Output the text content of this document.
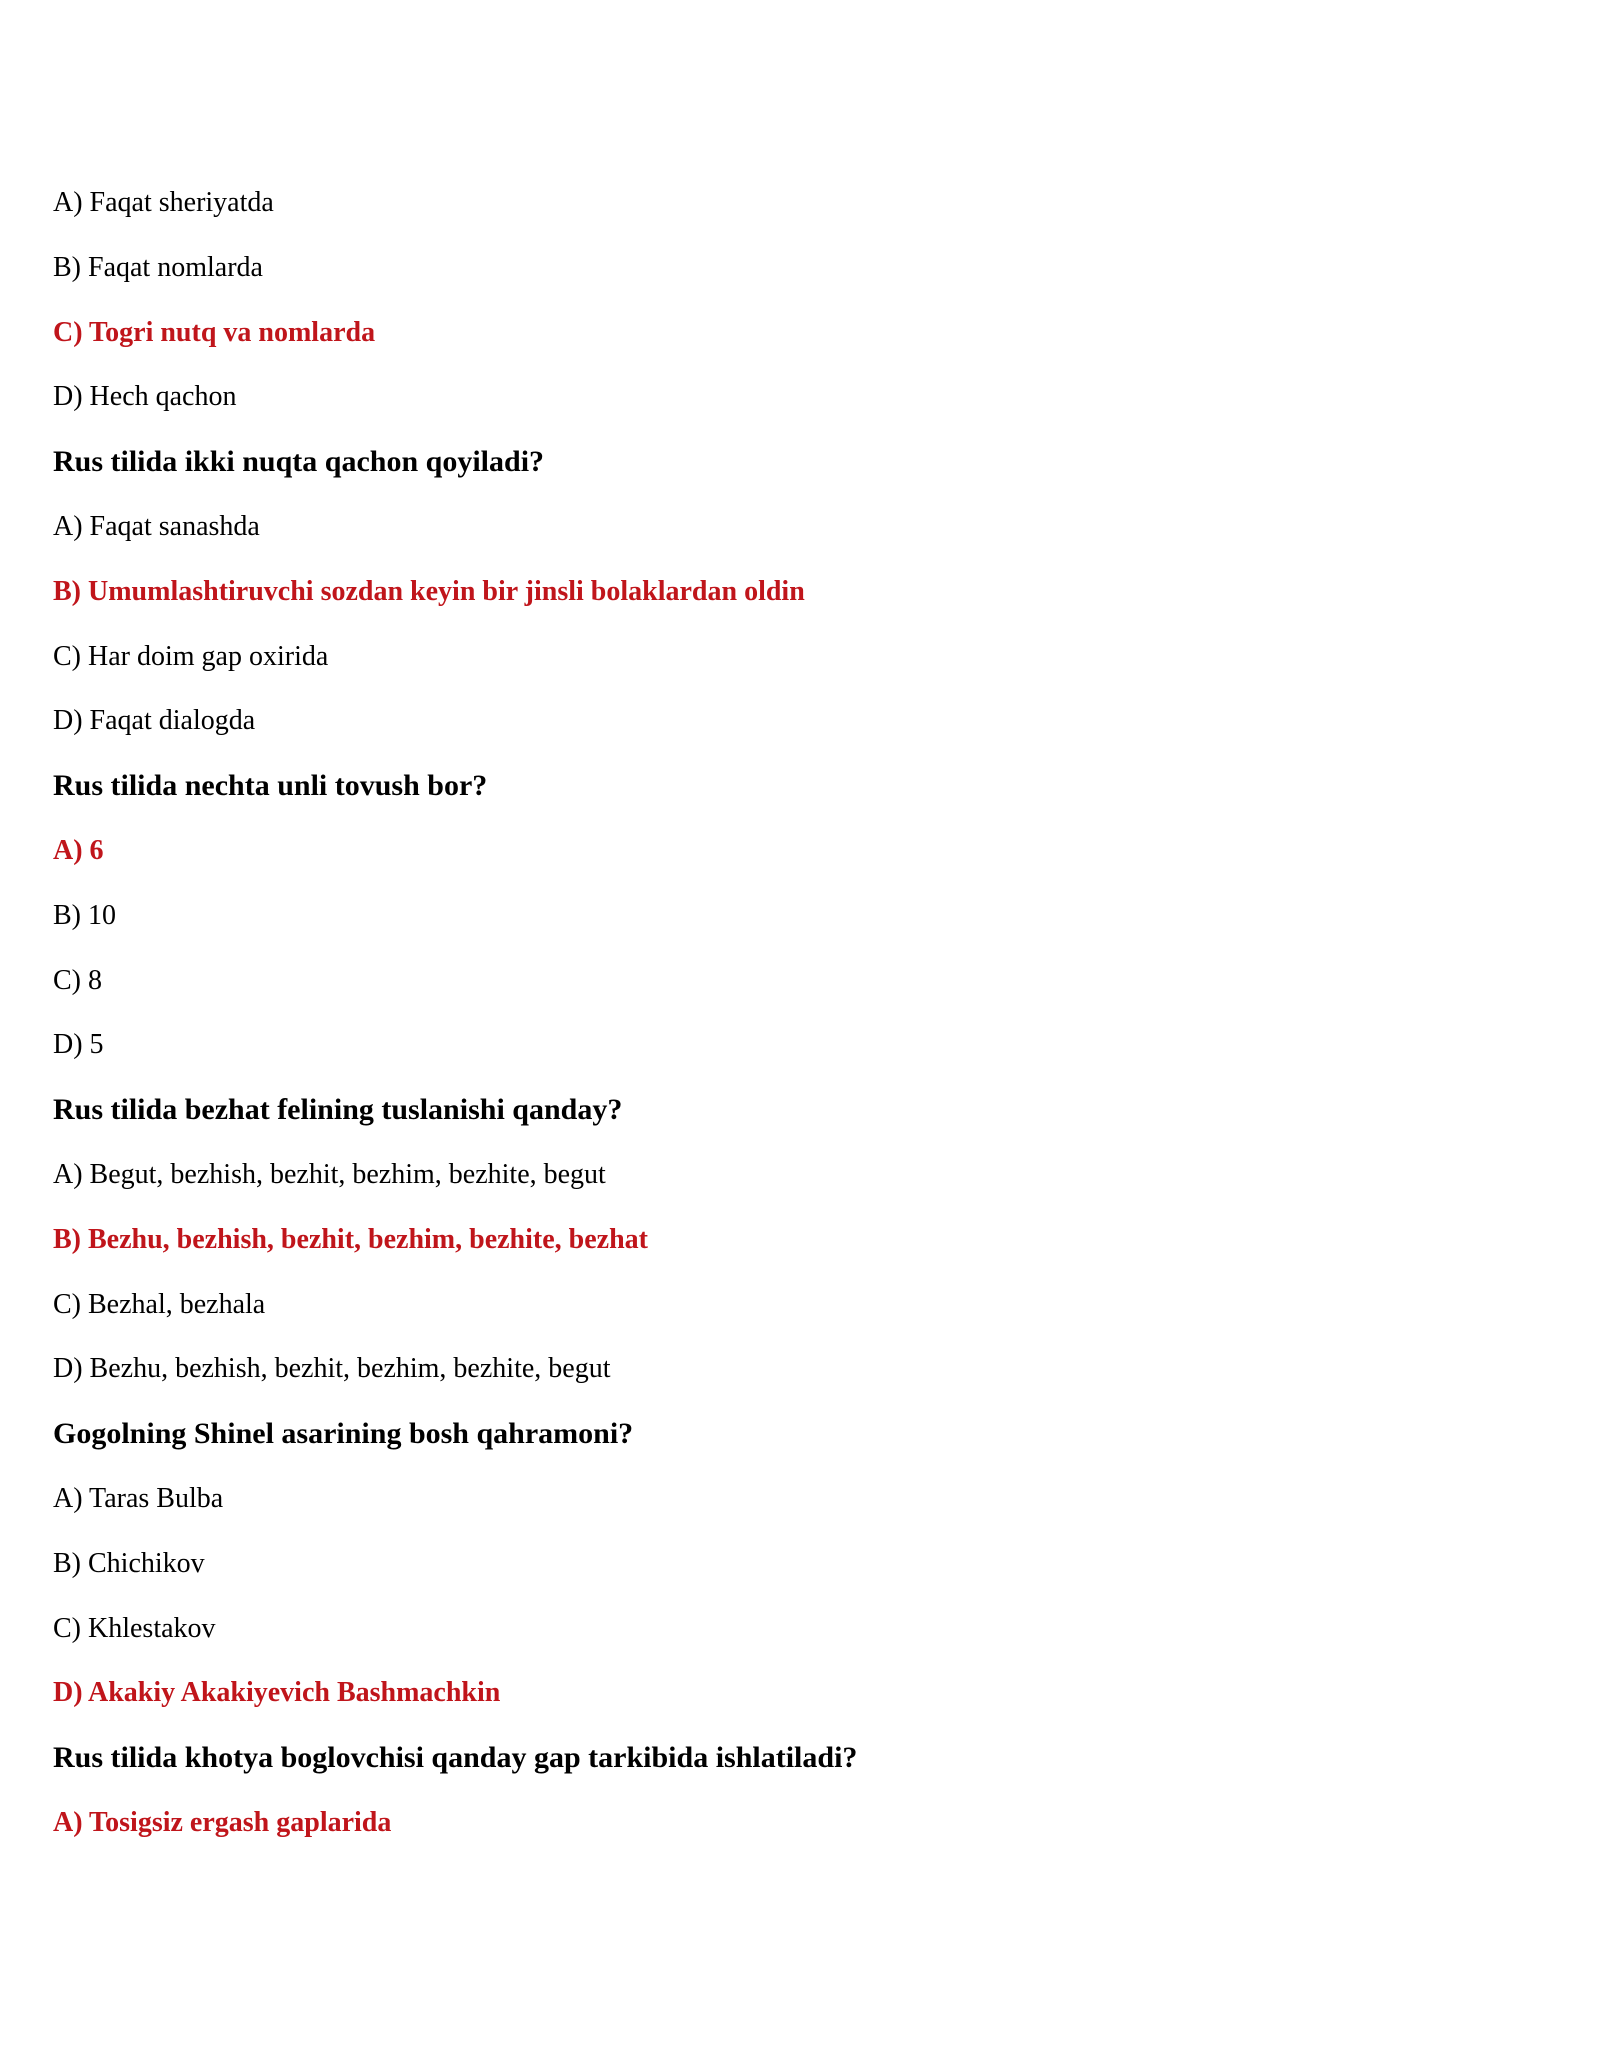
A) Faqat sheriyatda

B) Faqat nomlarda

C) Togri nutq va nomlarda

D) Hech qachon

Rus tilida ikki nuqta qachon qoyiladi?

A) Faqat sanashda

B) Umumlashtiruvchi sozdan keyin bir jinsli bolaklardan oldin

C) Har doim gap oxirida

D) Faqat dialogda

Rus tilida nechta unli tovush bor?

A) 6

B) 10

C) 8

D) 5

Rus tilida bezhat felining tuslanishi qanday?

A) Begut, bezhish, bezhit, bezhim, bezhite, begut

B) Bezhu, bezhish, bezhit, bezhim, bezhite, bezhat

C) Bezhal, bezhala

D) Bezhu, bezhish, bezhit, bezhim, bezhite, begut

Gogolning Shinel asarining bosh qahramoni?

A) Taras Bulba

B) Chichikov

C) Khlestakov

D) Akakiy Akakiyevich Bashmachkin

Rus tilida khotya boglovchisi qanday gap tarkibida ishlatiladi?

A) Tosigsiz ergash gaplarida
